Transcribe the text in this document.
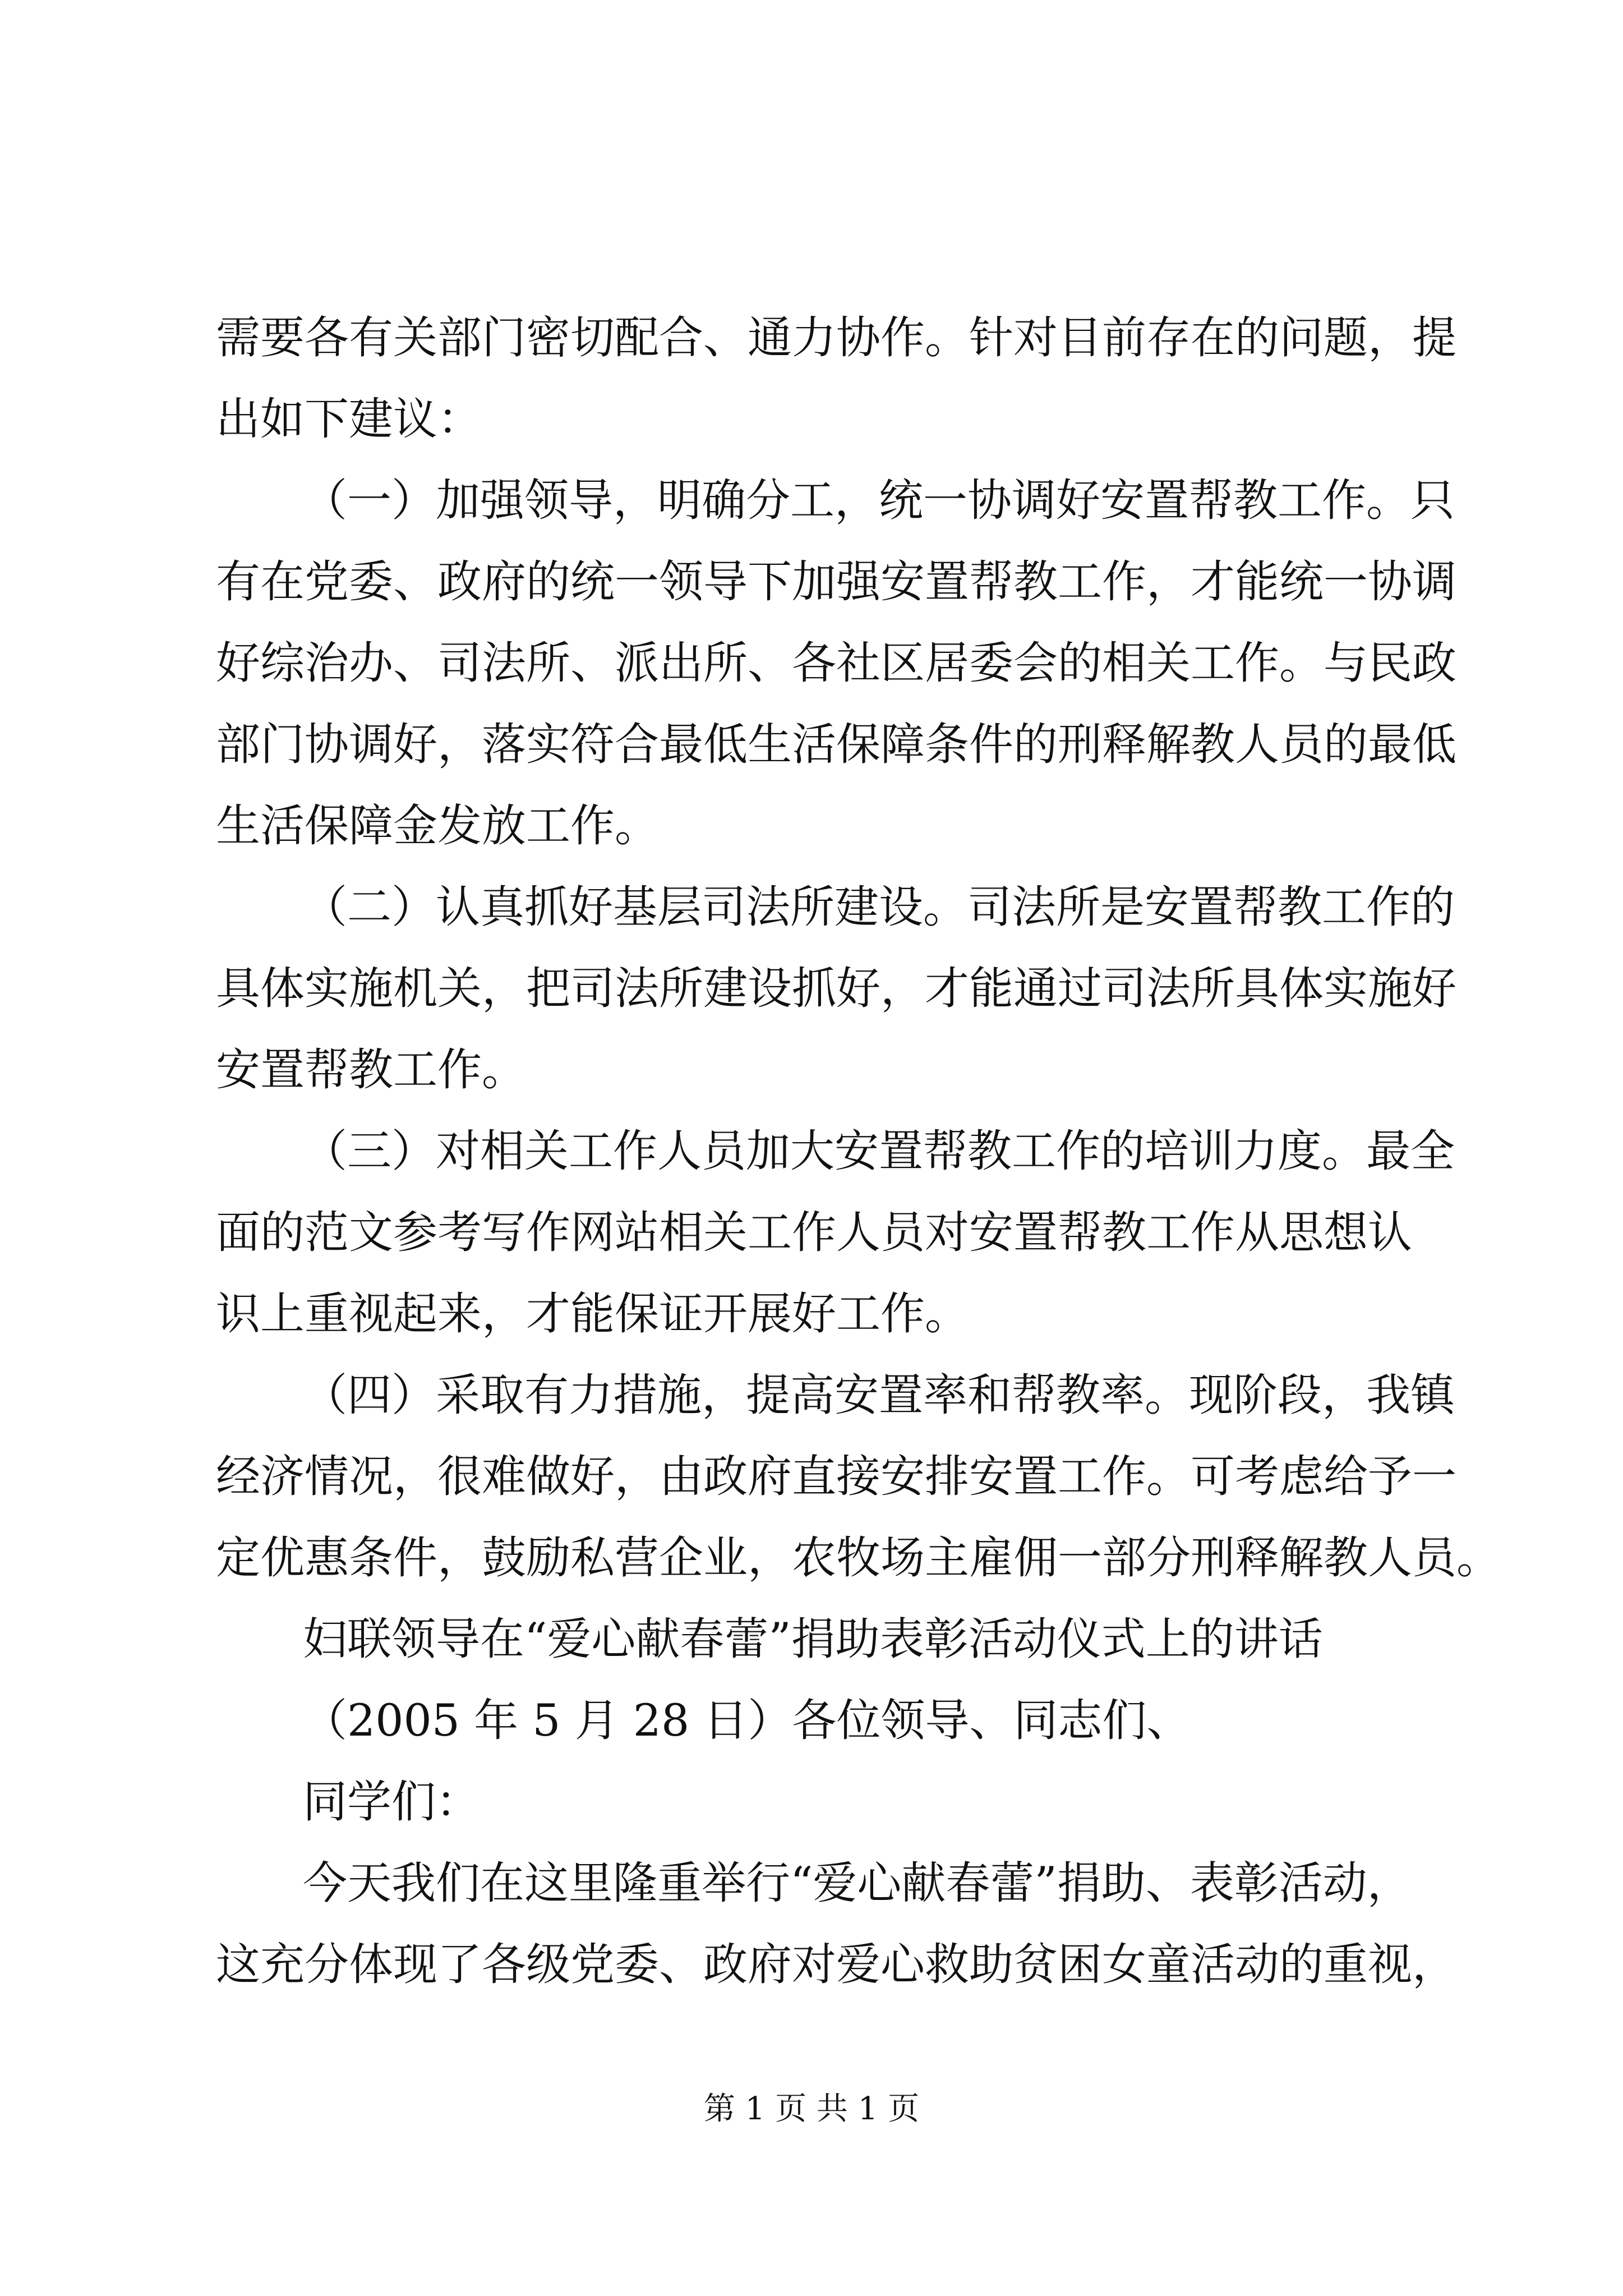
需要各有关部门密切配合、通力协作。针对目前存在的问题，提
出如下建议：
（一）加强领导，明确分工，统一协调好安置帮教工作。只
有在党委、政府的统一领导下加强安置帮教工作，才能统一协调
好综治办、司法所、派出所、各社区居委会的相关工作。与民政
部门协调好，落实符合最低生活保障条件的刑释解教人员的最低
生活保障金发放工作。
（二）认真抓好基层司法所建设。司法所是安置帮教工作的
具体实施机关，把司法所建设抓好，才能通过司法所具体实施好
安置帮教工作。
（三）对相关工作人员加大安置帮教工作的培训力度。最全
面的范文参考写作网站相关工作人员对安置帮教工作从思想认
识上重视起来，才能保证开展好工作。
（四）采取有力措施，提高安置率和帮教率。现阶段，我镇
经济情况，很难做好，由政府直接安排安置工作。可考虑给予一
定优惠条件，鼓励私营企业，农牧场主雇佣一部分刑释解教人员。
妇联领导在“爱心献春蕾”捐助表彰活动仪式上的讲话
（2005 年 5 月 28 日）各位领导、同志们、
同学们：
今天我们在这里隆重举行“爱心献春蕾”捐助、表彰活动，
这充分体现了各级党委、政府对爱心救助贫困女童活动的重视，
第 1 页 共 1 页
